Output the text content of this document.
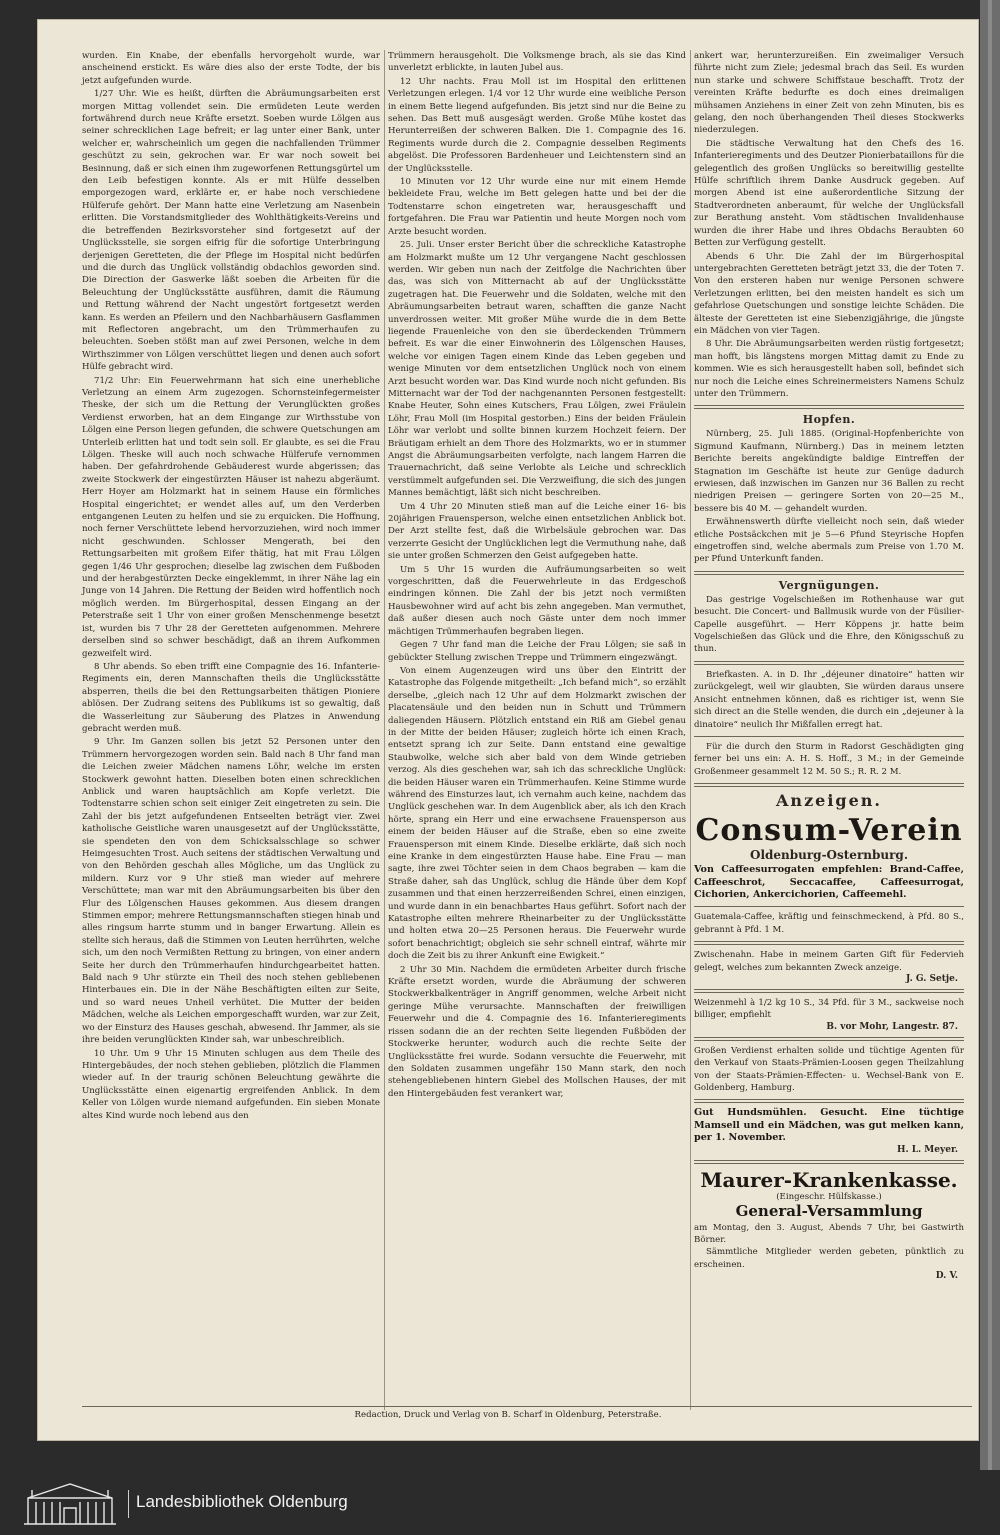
wurden. Ein Knabe, der ebenfalls hervorgeholt wurde, war anscheinend erstickt. Es wäre dies also der erste Todte, der bis jetzt aufgefunden wurde.

1/27 Uhr. Wie es heißt, dürften die Abräumungsarbeiten erst morgen Mittag vollendet sein. Die ermüdeten Leute werden fortwährend durch neue Kräfte ersetzt. Soeben wurde Lölgen aus seiner schrecklichen Lage befreit; er lag unter einer Bank, unter welcher er, wahrscheinlich um gegen die nachfallenden Trümmer geschützt zu sein, gekrochen war. Er war noch soweit bei Besinnung, daß er sich einen ihm zugeworfenen Rettungsgürtel um den Leib befestigen konnte. Als er mit Hülfe desselben emporgezogen ward, erklärte er, er habe noch verschiedene Hülferufe gehört. Der Mann hatte eine Verletzung am Nasenbein erlitten. Die Vorstandsmitglieder des Wohlthätigkeits-Vereins und die betreffenden Bezirksvorsteher sind fortgesetzt auf der Unglücksstelle, sie sorgen eifrig für die sofortige Unterbringung derjenigen Geretteten, die der Pflege im Hospital nicht bedürfen und die durch das Unglück vollständig obdachlos geworden sind. Die Direction der Gaswerke läßt soeben die Arbeiten für die Beleuchtung der Unglücksstätte ausführen, damit die Räumung und Rettung während der Nacht ungestört fortgesetzt werden kann. Es werden an Pfeilern und den Nachbarhäusern Gasflammen mit Reflectoren angebracht, um den Trümmerhaufen zu beleuchten. Soeben stößt man auf zwei Personen, welche in dem Wirthszimmer von Lölgen verschüttet liegen und denen auch sofort Hülfe gebracht wird.

71/2 Uhr: Ein Feuerwehrmann hat sich eine unerhebliche Verletzung an einem Arm zugezogen. Schornsteinfegermeister Theske, der sich um die Rettung der Verunglückten großes Verdienst erworben, hat an dem Eingange zur Wirthsstube von Lölgen eine Person liegen gefunden, die schwere Quetschungen am Unterleib erlitten hat und todt sein soll. Er glaubte, es sei die Frau Lölgen. Theske will auch noch schwache Hülferufe vernommen haben. Der gefahrdrohende Gebäuderest wurde abgerissen; das zweite Stockwerk der eingestürzten Häuser ist nahezu abgeräumt. Herr Hoyer am Holzmarkt hat in seinem Hause ein förmliches Hospital eingerichtet; er wendet alles auf, um den Verderben entgangenen Leuten zu helfen und sie zu erquicken. Die Hoffnung, noch ferner Verschüttete lebend hervorzuziehen, wird noch immer nicht geschwunden. Schlosser Mengerath, bei den Rettungsarbeiten mit großem Eifer thätig, hat mit Frau Lölgen gegen 1/46 Uhr gesprochen; dieselbe lag zwischen dem Fußboden und der herabgestürzten Decke eingeklemmt, in ihrer Nähe lag ein Junge von 14 Jahren. Die Rettung der Beiden wird hoffentlich noch möglich werden. Im Bürgerhospital, dessen Eingang an der Peterstraße seit 1 Uhr von einer großen Menschenmenge besetzt ist, wurden bis 7 Uhr 28 der Geretteten aufgenommen. Mehrere derselben sind so schwer beschädigt, daß an ihrem Aufkommen gezweifelt wird.

8 Uhr abends. So eben trifft eine Compagnie des 16. Infanterie-Regiments ein, deren Mannschaften theils die Unglücksstätte absperren, theils die bei den Rettungsarbeiten thätigen Pioniere ablösen. Der Zudrang seitens des Publikums ist so gewaltig, daß die Wasserleitung zur Säuberung des Platzes in Anwendung gebracht werden muß.

9 Uhr. Im Ganzen sollen bis jetzt 52 Personen unter den Trümmern hervorgezogen worden sein. Bald nach 8 Uhr fand man die Leichen zweier Mädchen namens Löhr, welche im ersten Stockwerk gewohnt hatten. Dieselben boten einen schrecklichen Anblick und waren hauptsächlich am Kopfe verletzt. Die Todtenstarre schien schon seit einiger Zeit eingetreten zu sein. Die Zahl der bis jetzt aufgefundenen Entseelten beträgt vier. Zwei katholische Geistliche waren unausgesetzt auf der Unglücksstätte, sie spendeten den von dem Schicksalsschlage so schwer Heimgesuchten Trost. Auch seitens der städtischen Verwaltung und von den Behörden geschah alles Mögliche, um das Unglück zu mildern. Kurz vor 9 Uhr stieß man wieder auf mehrere Verschüttete; man war mit den Abräumungsarbeiten bis über den Flur des Lölgenschen Hauses gekommen. Aus diesem drangen Stimmen empor; mehrere Rettungsmannschaften stiegen hinab und alles ringsum harrte stumm und in banger Erwartung. Allein es stellte sich heraus, daß die Stimmen von Leuten herrührten, welche sich, um den noch Vermißten Rettung zu bringen, von einer andern Seite her durch den Trümmerhaufen hindurchgearbeitet hatten. Bald nach 9 Uhr stürzte ein Theil des noch stehen gebliebenen Hinterbaues ein. Die in der Nähe Beschäftigten eilten zur Seite, und so ward neues Unheil verhütet. Die Mutter der beiden Mädchen, welche als Leichen emporgeschafft wurden, war zur Zeit, wo der Einsturz des Hauses geschah, abwesend. Ihr Jammer, als sie ihre beiden verunglückten Kinder sah, war unbeschreiblich.

10 Uhr. Um 9 Uhr 15 Minuten schlugen aus dem Theile des Hintergebäudes, der noch stehen geblieben, plötzlich die Flammen wieder auf. In der traurig schönen Beleuchtung gewährte die Unglücksstätte einen eigenartig ergreifenden Anblick. In dem Keller von Lölgen wurde niemand aufgefunden. Ein sieben Monate altes Kind wurde noch lebend aus den

Trümmern herausgeholt. Die Volksmenge brach, als sie das Kind unverletzt erblickte, in lauten Jubel aus.

12 Uhr nachts. Frau Moll ist im Hospital den erlittenen Verletzungen erlegen. 1/4 vor 12 Uhr wurde eine weibliche Person in einem Bette liegend aufgefunden. Bis jetzt sind nur die Beine zu sehen. Das Bett muß ausgesägt werden. Große Mühe kostet das Herunterreißen der schweren Balken. Die 1. Compagnie des 16. Regiments wurde durch die 2. Compagnie desselben Regiments abgelöst. Die Professoren Bardenheuer und Leichtenstern sind an der Unglücksstelle.

10 Minuten vor 12 Uhr wurde eine nur mit einem Hemde bekleidete Frau, welche im Bett gelegen hatte und bei der die Todtenstarre schon eingetreten war, herausgeschafft und fortgefahren. Die Frau war Patientin und heute Morgen noch vom Arzte besucht worden.

25. Juli. Unser erster Bericht über die schreckliche Katastrophe am Holzmarkt mußte um 12 Uhr vergangene Nacht geschlossen werden. Wir geben nun nach der Zeitfolge die Nachrichten über das, was sich von Mitternacht ab auf der Unglücksstätte zugetragen hat. Die Feuerwehr und die Soldaten, welche mit den Abräumungsarbeiten betraut waren, schafften die ganze Nacht unverdrossen weiter. Mit großer Mühe wurde die in dem Bette liegende Frauenleiche von den sie überdeckenden Trümmern befreit. Es war die einer Einwohnerin des Lölgenschen Hauses, welche vor einigen Tagen einem Kinde das Leben gegeben und wenige Minuten vor dem entsetzlichen Unglück noch von einem Arzt besucht worden war. Das Kind wurde noch nicht gefunden. Bis Mitternacht war der Tod der nachgenannten Personen festgestellt: Knabe Heuter, Sohn eines Kutschers, Frau Lölgen, zwei Fräulein Löhr, Frau Moll (im Hospital gestorben.) Eins der beiden Fräulein Löhr war verlobt und sollte binnen kurzem Hochzeit feiern. Der Bräutigam erhielt an dem Thore des Holzmarkts, wo er in stummer Angst die Abräumungsarbeiten verfolgte, nach langem Harren die Trauernachricht, daß seine Verlobte als Leiche und schrecklich verstümmelt aufgefunden sei. Die Verzweiflung, die sich des jungen Mannes bemächtigt, läßt sich nicht beschreiben.

Um 4 Uhr 20 Minuten stieß man auf die Leiche einer 16- bis 20jährigen Frauensperson, welche einen entsetzlichen Anblick bot. Der Arzt stellte fest, daß die Wirbelsäule gebrochen war. Das verzerrte Gesicht der Unglücklichen legt die Vermuthung nahe, daß sie unter großen Schmerzen den Geist aufgegeben hatte.

Um 5 Uhr 15 wurden die Aufräumungsarbeiten so weit vorgeschritten, daß die Feuerwehrleute in das Erdgeschoß eindringen können. Die Zahl der bis jetzt noch vermißten Hausbewohner wird auf acht bis zehn angegeben. Man vermuthet, daß außer diesen auch noch Gäste unter dem noch immer mächtigen Trümmerhaufen begraben liegen.

Gegen 7 Uhr fand man die Leiche der Frau Lölgen; sie saß in gebückter Stellung zwischen Treppe und Trümmern eingezwängt.

Von einem Augenzeugen wird uns über den Eintritt der Katastrophe das Folgende mitgetheilt: „Ich befand mich“, so erzählt derselbe, „gleich nach 12 Uhr auf dem Holzmarkt zwischen der Placatensäule und den beiden nun in Schutt und Trümmern daliegenden Häusern. Plötzlich entstand ein Riß am Giebel genau in der Mitte der beiden Häuser; zugleich hörte ich einen Krach, entsetzt sprang ich zur Seite. Dann entstand eine gewaltige Staubwolke, welche sich aber bald von dem Winde getrieben verzog. Als dies geschehen war, sah ich das schreckliche Unglück: die beiden Häuser waren ein Trümmerhaufen. Keine Stimme wurde während des Einsturzes laut, ich vernahm auch keine, nachdem das Unglück geschehen war. In dem Augenblick aber, als ich den Krach hörte, sprang ein Herr und eine erwachsene Frauensperson aus einem der beiden Häuser auf die Straße, eben so eine zweite Frauensperson mit einem Kinde. Dieselbe erklärte, daß sich noch eine Kranke in dem eingestürzten Hause habe. Eine Frau — man sagte, ihre zwei Töchter seien in dem Chaos begraben — kam die Straße daher, sah das Unglück, schlug die Hände über dem Kopf zusammen und that einen herzzerreißenden Schrei, einen einzigen, und wurde dann in ein benachbartes Haus geführt. Sofort nach der Katastrophe eilten mehrere Rheinarbeiter zu der Unglücksstätte und holten etwa 20—25 Personen heraus. Die Feuerwehr wurde sofort benachrichtigt; obgleich sie sehr schnell eintraf, währte mir doch die Zeit bis zu ihrer Ankunft eine Ewigkeit.“

2 Uhr 30 Min. Nachdem die ermüdeten Arbeiter durch frische Kräfte ersetzt worden, wurde die Abräumung der schweren Stockwerkbalkenträger in Angriff genommen, welche Arbeit nicht geringe Mühe verursachte. Mannschaften der freiwilligen Feuerwehr und die 4. Compagnie des 16. Infanterieregiments rissen sodann die an der rechten Seite liegenden Fußböden der Stockwerke herunter, wodurch auch die rechte Seite der Unglücksstätte frei wurde. Sodann versuchte die Feuerwehr, mit den Soldaten zusammen ungefähr 150 Mann stark, den noch stehengebliebenen hintern Giebel des Mollschen Hauses, der mit den Hintergebäuden fest verankert war,

ankert war, herunterzureißen. Ein zweimaliger Versuch führte nicht zum Ziele; jedesmal brach das Seil. Es wurden nun starke und schwere Schiffstaue beschafft. Trotz der vereinten Kräfte bedurfte es doch eines dreimaligen mühsamen Anziehens in einer Zeit von zehn Minuten, bis es gelang, den noch überhangenden Theil dieses Stockwerks niederzulegen.

Die städtische Verwaltung hat den Chefs des 16. Infanterieregiments und des Deutzer Pionierbataillons für die gelegentlich des großen Unglücks so bereitwillig gestellte Hülfe schriftlich ihrem Danke Ausdruck gegeben. Auf morgen Abend ist eine außerordentliche Sitzung der Stadtverordneten anberaumt, für welche der Unglücksfall zur Berathung ansteht. Vom städtischen Invalidenhause wurden die ihrer Habe und ihres Obdachs Beraubten 60 Betten zur Verfügung gestellt.

Abends 6 Uhr. Die Zahl der im Bürgerhospital untergebrachten Geretteten beträgt jetzt 33, die der Toten 7. Von den ersteren haben nur wenige Personen schwere Verletzungen erlitten, bei den meisten handelt es sich um gefahrlose Quetschungen und sonstige leichte Schäden. Die älteste der Geretteten ist eine Siebenzigjährige, die jüngste ein Mädchen von vier Tagen.

8 Uhr. Die Abräumungsarbeiten werden rüstig fortgesetzt; man hofft, bis längstens morgen Mittag damit zu Ende zu kommen. Wie es sich herausgestellt haben soll, befindet sich nur noch die Leiche eines Schreinermeisters Namens Schulz unter den Trümmern.

Hopfen.

Nürnberg, 25. Juli 1885. (Original-Hopfenberichte von Sigmund Kaufmann, Nürnberg.) Das in meinem letzten Berichte bereits angekündigte baldige Eintreffen der Stagnation im Geschäfte ist heute zur Genüge dadurch erwiesen, daß inzwischen im Ganzen nur 36 Ballen zu recht niedrigen Preisen — geringere Sorten von 20—25 M., bessere bis 40 M. — gehandelt wurden.

Erwähnenswerth dürfte vielleicht noch sein, daß wieder etliche Postsäckchen mit je 5—6 Pfund Steyrische Hopfen eingetroffen sind, welche abermals zum Preise von 1.70 M. per Pfund Unterkunft fanden.

Vergnügungen.

Das gestrige Vogelschießen im Rothenhause war gut besucht. Die Concert- und Ballmusik wurde von der Füsilier-Capelle ausgeführt. — Herr Köppens jr. hatte beim Vogelschießen das Glück und die Ehre, den Königsschuß zu thun.

Briefkasten. A. in D. Ihr „déjeuner dinatoire“ hatten wir zurückgelegt, weil wir glaubten, Sie würden daraus unsere Ansicht entnehmen können, daß es richtiger ist, wenn Sie sich direct an die Stelle wenden, die durch ein „dejeuner à la dinatoire“ neulich Ihr Mißfallen erregt hat.

Für die durch den Sturm in Radorst Geschädigten ging ferner bei uns ein: A. H. S. Hoff., 3 M.; in der Gemeinde Großenmeer gesammelt 12 M. 50 S.; R. R. 2 M.

Anzeigen.
Consum-Verein
Oldenburg-Osternburg.

Von Caffeesurrogaten empfehlen: Brand-Caffee, Caffeeschrot, Seccacaffee, Caffeesurrogat, Cichorien, Ankercichorien, Caffeemehl.

Guatemala-Caffee, kräftig und feinschmeckend, à Pfd. 80 S., gebrannt à Pfd. 1 M.

Zwischenahn. Habe in meinem Garten Gift für Federvieh gelegt, welches zum bekannten Zweck anzeige.

J. G. Setje.

Weizenmehl à 1/2 kg 10 S., 34 Pfd. für 3 M., sackweise noch billiger, empfiehlt

B. vor Mohr, Langestr. 87.

Großen Verdienst erhalten solide und tüchtige Agenten für den Verkauf von Staats-Prämien-Loosen gegen Theilzahlung von der Staats-Prämien-Effecten- u. Wechsel-Bank von E. Goldenberg, Hamburg.

Gut Hundsmühlen. Gesucht. Eine tüchtige Mamsell und ein Mädchen, was gut melken kann, per 1. November.

H. L. Meyer.
Maurer-Krankenkasse.
(Eingeschr. Hülfskasse.)
General-Versammlung

am Montag, den 3. August, Abends 7 Uhr, bei Gastwirth Börner.

Sämmtliche Mitglieder werden gebeten, pünktlich zu erscheinen.

D. V.
Redaction, Druck und Verlag von B. Scharf in Oldenburg, Peterstraße.
Landesbibliothek Oldenburg
